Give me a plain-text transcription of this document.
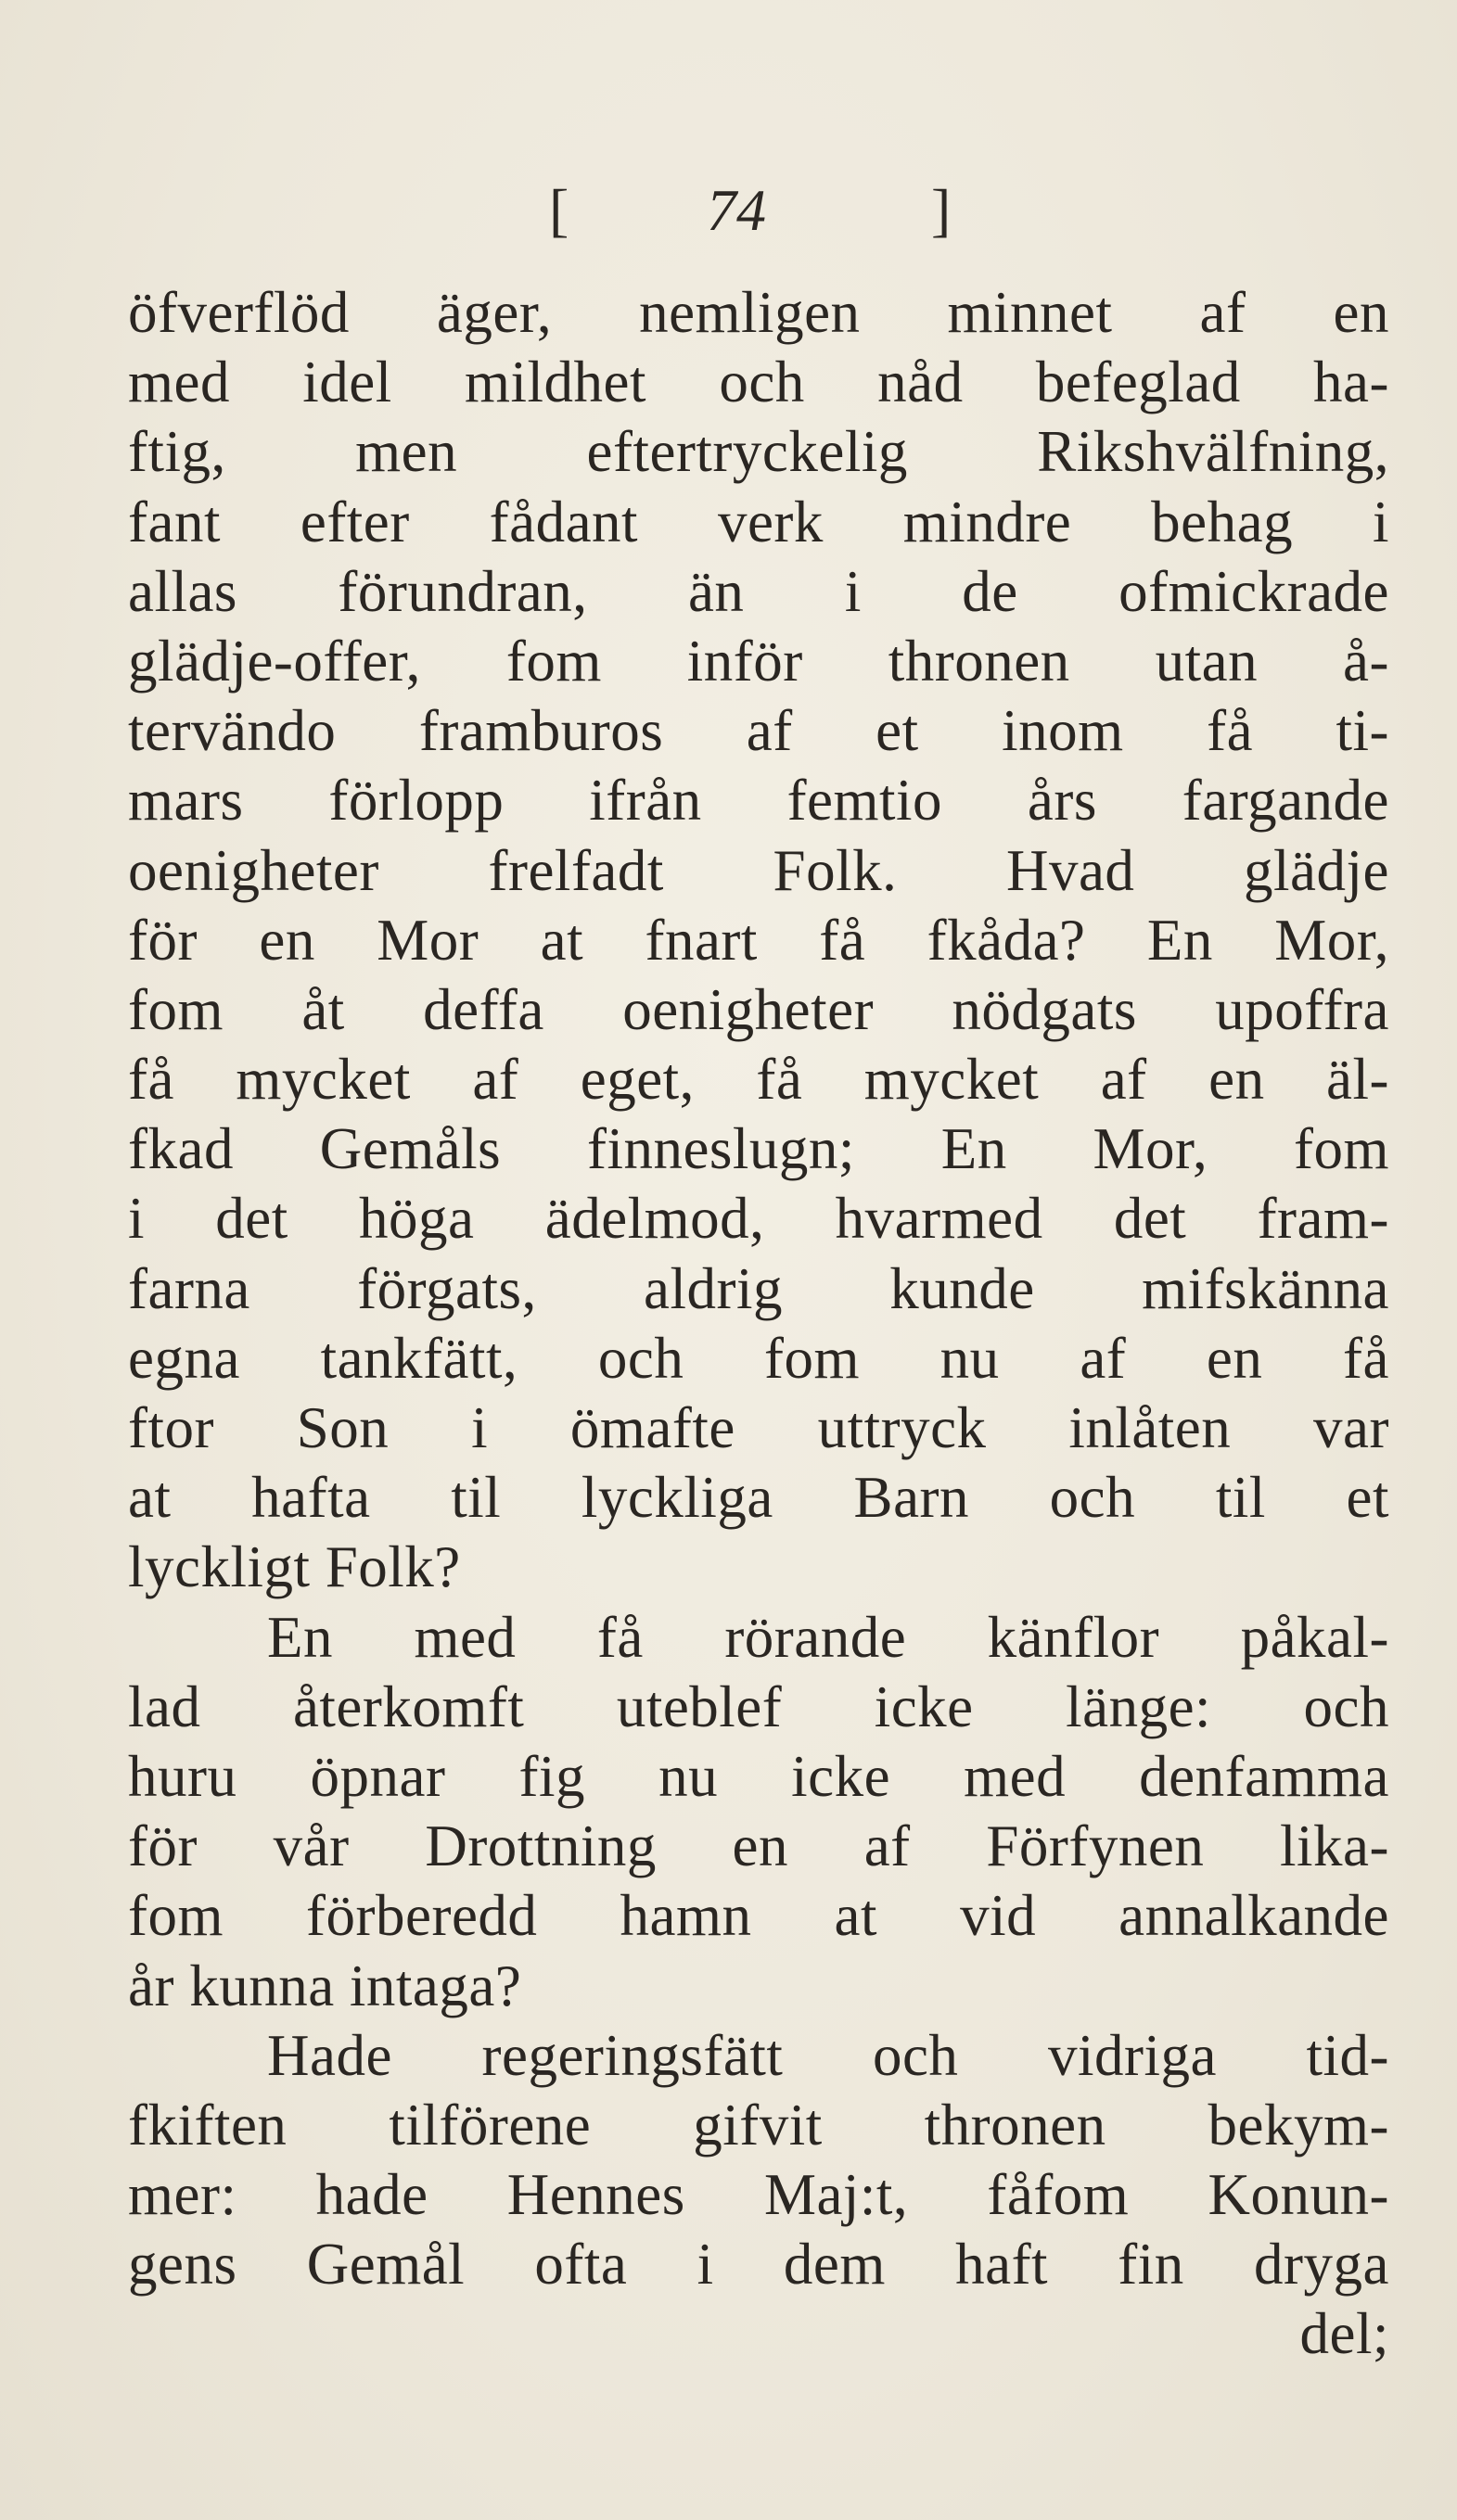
[ 74	]
öfverflöd äger, nemligen minnet af en
med idel mildhet och nåd befeglad ha-
ftig, men eftertryckelig Rikshvälfning,
fant efter fådant verk mindre behag i
allas förundran, än i de ofmickrade
glädje-offer, fom inför thronen utan å-
tervändo framburos af et inom få ti-
mars förlopp ifrån femtio års fargande
oenigheter frelfadt Folk. Hvad glädje
för en Mor at fnart få fkåda? En Mor,
fom åt deffa oenigheter nödgats upoffra
få mycket af eget, få mycket af en äl-
fkad Gemåls finneslugn; En Mor, fom
i det höga ädelmod, hvarmed det fram-
farna förgats, aldrig kunde mifskänna
egna tankfätt, och fom nu af en få
ftor Son i ömafte uttryck inlåten var
at hafta til lyckliga Barn och til et
lyckligt Folk?
En med få rörande känflor påkal-
lad återkomft uteblef icke länge: och
huru öpnar fig nu icke med denfamma
för vår Drottning en af Förfynen lika-
fom förberedd hamn at vid annalkande
år kunna intaga?
Hade regeringsfätt och vidriga tid-
fkiften tilförene gifvit thronen bekym-
mer: hade Hennes Maj:t, fåfom Konun-
gens Gemål ofta i dem haft fin dryga
del;
